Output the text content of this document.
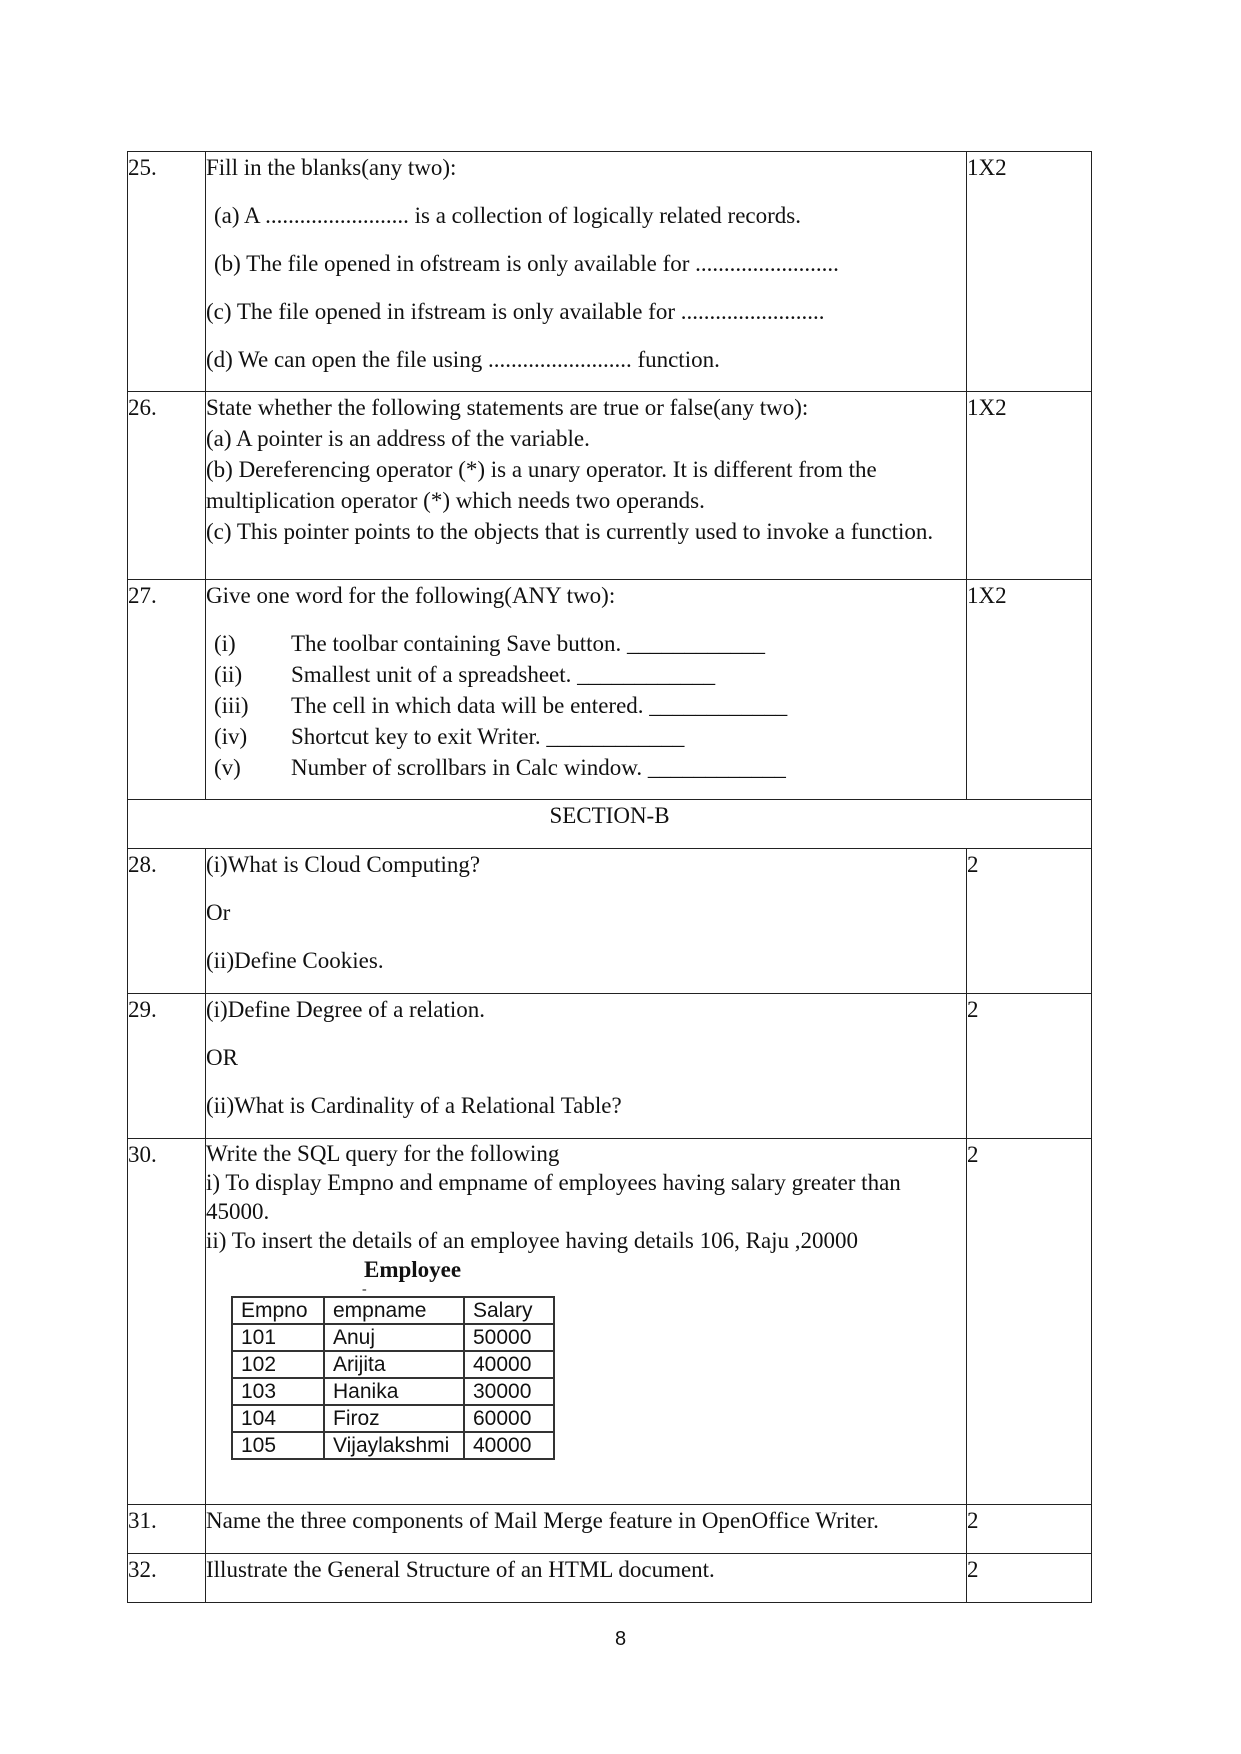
25.	Fill in the blanks(any two):
(a) A ......................... is a collection of logically related records.
(b) The file opened in ofstream is only available for .........................
(c) The file opened in ifstream is only available for .........................
(d) We can open the file using ......................... function.
	1X2
26.	State whether the following statements are true or false(any two):
(a) A pointer is an address of the variable.
(b) Dereferencing operator (*) is a unary operator. It is different from the multiplication operator (*) which needs two operands.
(c) This pointer points to the objects that is currently used to invoke a function.
	1X2
27.	Give one word for the following(ANY two):
(i)	The toolbar containing Save button. ____________
(ii)	Smallest unit of a spreadsheet. ____________
(iii)	The cell in which data will be entered. ____________
(iv)	Shortcut key to exit Writer. ____________
(v)	Number of scrollbars in Calc window. ____________
	1X2
SECTION-B
28.	(i)What is Cloud Computing?
Or
(ii)Define Cookies.
	2
29.	(i)Define Degree of a relation.
OR
(ii)What is Cardinality of a Relational Table?
	2
30.	Write the SQL query for the following
i) To display Empno and empname of employees having salary greater than 45000.
ii) To insert the details of an employee having details 106, Raju ,20000
Employee
-
Empno	empname	Salary
101	Anuj	50000
102	Arijita	40000
103	Hanika	30000
104	Firoz	60000
105	Vijaylakshmi	40000
	2
31.	Name the three components of Mail Merge feature in OpenOffice Writer.	2
32.	Illustrate the General Structure of an HTML document.	2
8
